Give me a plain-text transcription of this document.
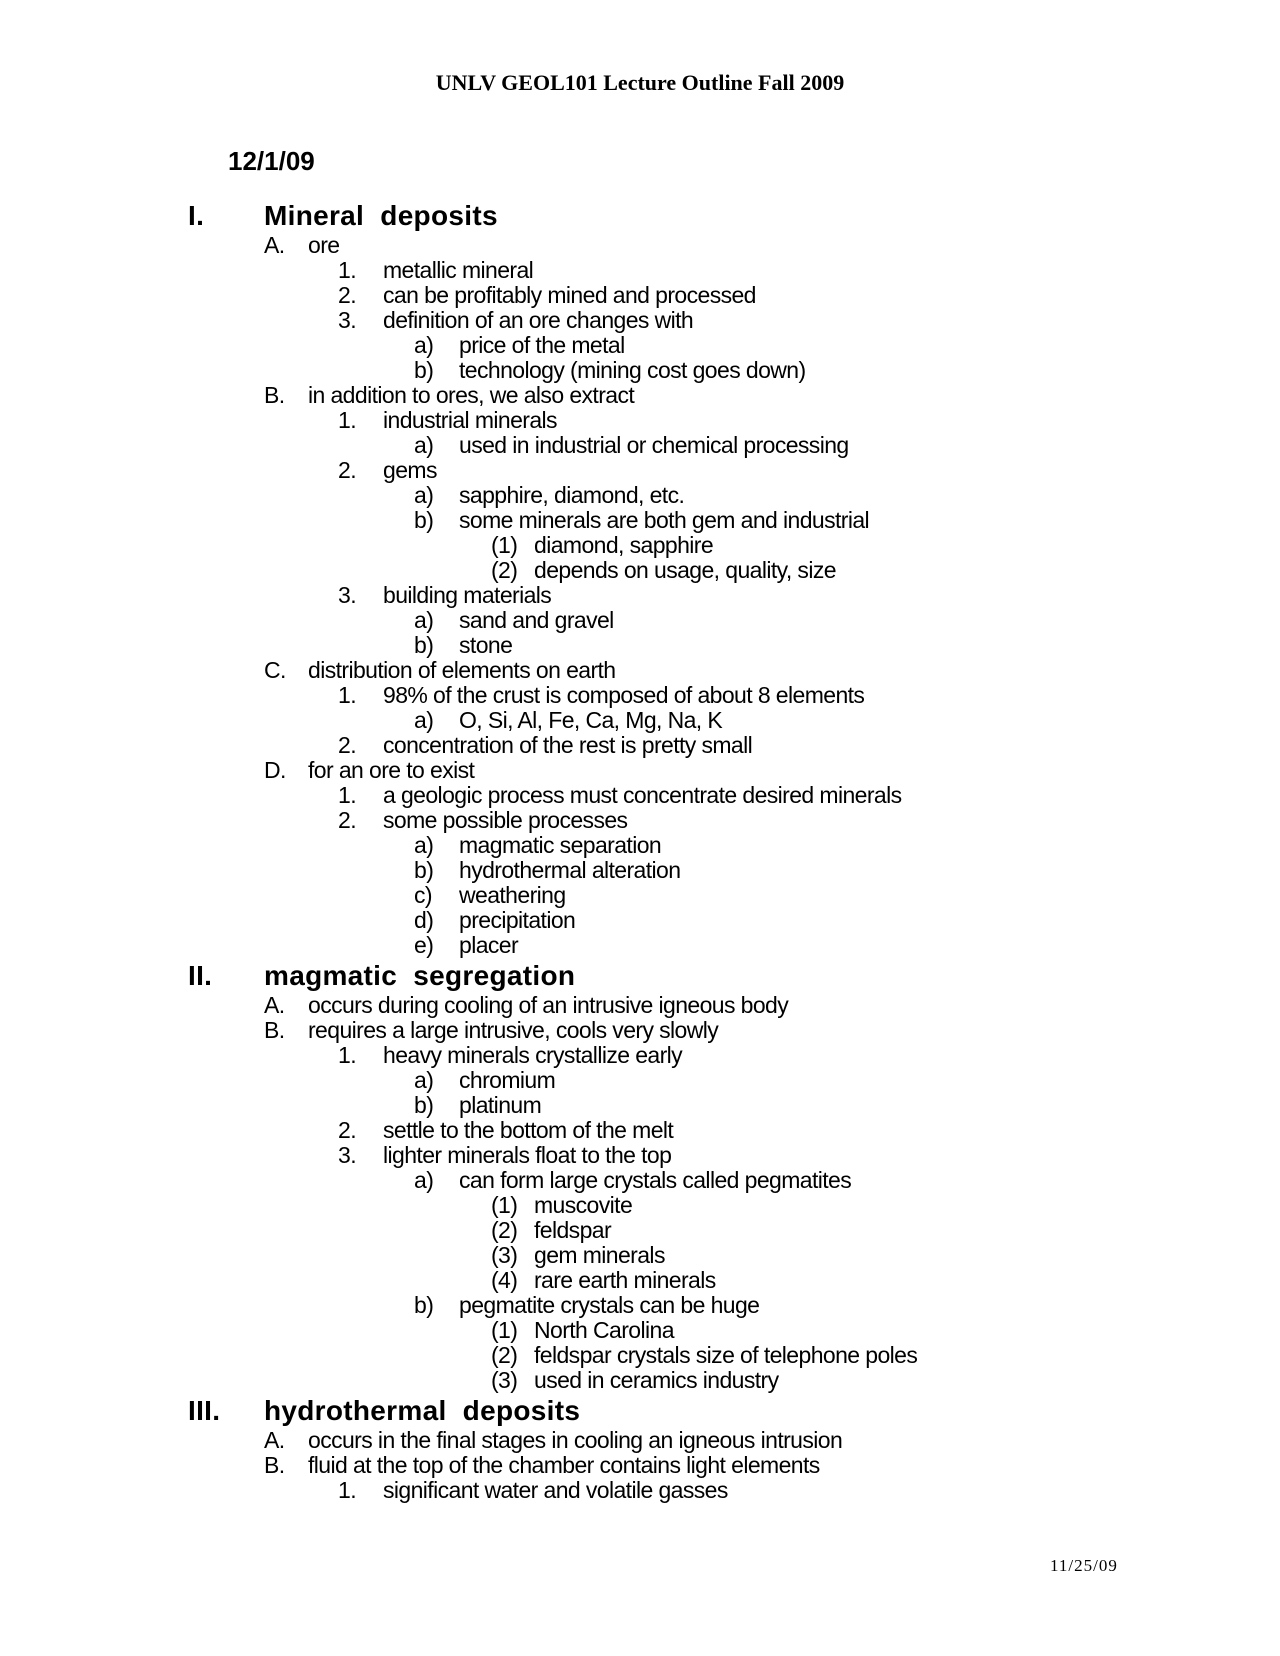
UNLV GEOL101 Lecture Outline Fall 2009
12/1/09
I. Mineral  deposits
A. ore
1. metallic mineral
2. can be profitably mined and processed
3. definition of an ore changes with
a) price of the metal
b) technology (mining cost goes down)
B. in addition to ores, we also extract
1. industrial minerals
a) used in industrial or chemical processing
2. gems
a) sapphire, diamond, etc.
b) some minerals are both gem and industrial
(1) diamond, sapphire
(2) depends on usage, quality, size
3. building materials
a) sand and gravel
b) stone
C. distribution of elements on earth
1. 98% of the crust is composed of about 8 elements
a) O, Si, Al, Fe, Ca, Mg, Na, K
2. concentration of the rest is pretty small
D. for an ore to exist
1. a geologic process must concentrate desired minerals
2. some possible processes
a) magmatic separation
b) hydrothermal alteration
c) weathering
d) precipitation
e) placer
II. magmatic  segregation
A. occurs during cooling of an intrusive igneous body
B. requires a large intrusive, cools very slowly
1. heavy minerals crystallize early
a) chromium
b) platinum
2. settle to the bottom of the melt
3. lighter minerals float to the top
a) can form large crystals called pegmatites
(1) muscovite
(2) feldspar
(3) gem minerals
(4) rare earth minerals
b) pegmatite crystals can be huge
(1) North Carolina
(2) feldspar crystals size of telephone poles
(3) used in ceramics industry
III. hydrothermal  deposits
A. occurs in the final stages in cooling an igneous intrusion
B. fluid at the top of the chamber contains light elements
1. significant water and volatile gasses
11/25/09
